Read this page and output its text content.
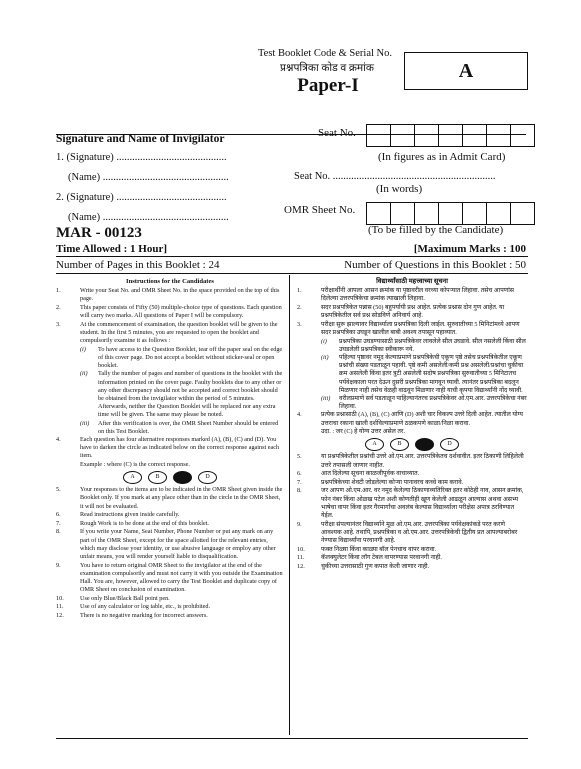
Test Booklet Code & Serial No.
प्रश्नपत्रिका कोड व क्रमांक
Paper-I
A
Signature and Name of Invigilator
1. (Signature) ..........................................
(Name) ................................................
2. (Signature) ..........................................
(Name) ................................................
Seat No.
(In figures as in Admit Card)
Seat No. ..............................................................
(In words)
OMR Sheet No.
(To be filled by the Candidate)
MAR - 00123
Time Allowed : 1 Hour]	[Maximum Marks : 100
Number of Pages in this Booklet : 24	Number of Questions in this Booklet : 50
Instructions for the Candidates
1.	Write your Seat No. and OMR Sheet No. in the space provided on the top of this page.
2.	This paper consists of Fifty (50) multiple-choice type of questions. Each question will carry two marks. All questions of Paper I will be compulsory.
3.	At the commencement of examination, the question booklet will be given to the student. In the first 5 minutes, you are requested to open the booklet and compulsorily examine it as follows :
(i)	To have access to the Question Booklet, tear off the paper seal on the edge of this cover page. Do not accept a booklet without sticker-seal or open booklet.
(ii)	Tally the number of pages and number of questions in the booklet with the information printed on the cover page. Faulty booklets due to any other or any other discrepancy should not be accepted and correct booklet should be obtained from the invigilator within the period of 5 minutes. Afterwards, neither the Question Booklet will be replaced nor any extra time will be given. The same may please be noted.
(iii)	After this verification is over, the OMR Sheet Number should be entered on this Test Booklet.
4.	Each question has four alternative responses marked (A), (B), (C) and (D). You have to darken the circle as indicated below on the correct response against each item.
Example : where (C) is the correct response.
A	B	D
5.	Your responses to the items are to be indicated in the OMR Sheet given inside the Booklet only. If you mark at any place other than in the circle in the OMR Sheet, it will not be evaluated.
6.	Read instructions given inside carefully.
7.	Rough Work is to be done at the end of this booklet.
8.	If you write your Name, Seat Number, Phone Number or put any mark on any part of the OMR Sheet, except for the space allotted for the relevant entries, which may disclose your identity, or use abusive language or employ any other unfair means, you will render yourself liable to disqualification.
9.	You have to return original OMR Sheet to the invigilator at the end of the examination compulsorily and must not carry it with you outside the Examination Hall. You are, however, allowed to carry the Test Booklet and duplicate copy of OMR Sheet on conclusion of examination.
10.	Use only Blue/Black Ball point pen.
11.	Use of any calculator or log table, etc., is prohibited.
12.	There is no negative marking for incorrect answers.
विद्यार्थ्यांसाठी महत्त्वाच्या सूचना
1.	परीक्षार्थींनी आपला आसन क्रमांक या पृष्ठावरील वरच्या कोपऱ्यात लिहावा. तसेच आपणांस दिलेल्या उत्तरपत्रिकेचा क्रमांक त्याखाली लिहावा.
2.	सदर प्रश्नपत्रिकेत पन्नास (50) बहुपर्यायी प्रश्न आहेत. प्रत्येक प्रश्नास दोन गुण आहेत. या प्रश्नपत्रिकेतील सर्व प्रश्न सोडविणे अनिवार्य आहे.
3.	परीक्षा सुरू झाल्यावर विद्यार्थ्याला प्रश्नपत्रिका दिली जाईल. सुरुवातीच्या 5 मिनिटांमध्ये आपण सदर प्रश्नपत्रिका उघडून खालील बाबी अवश्य तपासून पहाव्यात.
(i)	प्रश्नपत्रिका उघडण्यासाठी प्रश्नपत्रिकेवर लावलेले सील उघडावे. सील नसलेली किंवा सील उघडलेली प्रश्नपत्रिका स्वीकारू नये.
(ii)	पहिल्या पृष्ठावर नमूद केल्याप्रमाणे प्रश्नपत्रिकेची एकूण पृष्ठे तसेच प्रश्नपत्रिकेतील एकूण प्रश्नांची संख्या पडताळून पहावी. पृष्ठे कमी असलेली/कमी प्रश्न असलेली/प्रश्नांचा चुकीचा क्रम असलेली किंवा इतर त्रुटी असलेली सदोष प्रश्नपत्रिका सुरुवातीच्या 5 मिनिटातच पर्यवेक्षकाला परत देऊन दुसरी प्रश्नपत्रिका मागवून घ्यावी. त्यानंतर प्रश्नपत्रिका बदलून मिळणार नाही तसेच वेळही वाढवून मिळणार नाही याची कृपया विद्यार्थ्यांनी नोंद घ्यावी.
(iii)	वरीलप्रमाणे सर्व पडताळून पाहिल्यानंतरच प्रश्नपत्रिकेवर ओ.एम.आर. उत्तरपत्रिकेचा नंबर लिहावा.
4.	प्रत्येक प्रश्नासाठी (A), (B), (C) आणि (D) अशी चार विकल्प उत्तरे दिली आहेत. त्यातील योग्य उत्तराचा रकाना खाली दर्शविल्याप्रमाणे ठळकपणे काळा/निळा करावा.
उदा. : जर (C) हे योग्य उत्तर असेल तर.
A	B	D
5.	या प्रश्नपत्रिकेतील प्रश्नांची उत्तरे ओ.एम.आर. उत्तरपत्रिकेतच दर्शवावीत. इतर ठिकाणी लिहिलेली उत्तरे तपासली जाणार नाहीत.
6.	आत दिलेल्या सूचना काळजीपूर्वक वाचाव्यात.
7.	प्रश्नपत्रिकेच्या शेवटी जोडलेल्या कोऱ्या पानावरच कच्चे काम करावे.
8.	जर आपण ओ.एम.आर. वर नमूद केलेल्या ठिकाणाव्यतिरिक्त इतर कोठेही नाव, आसन क्रमांक, फोन नंबर किंवा ओळख पटेल अशी कोणतीही खूण केलेली आढळून आल्यास अथवा असभ्य भाषेचा वापर किंवा इतर गैरमार्गांचा अवलंब केल्यास विद्यार्थ्याला परीक्षेस अपात्र ठरविण्यात येईल.
9.	परीक्षा संपल्यानंतर विद्यार्थ्याने मूळ ओ.एम.आर. उत्तरपत्रिका पर्यवेक्षकांकडे परत करणे आवश्यक आहे. तथापि, प्रश्नपत्रिका व ओ.एम.आर. उत्तरपत्रिकेची द्वितीय प्रत आपल्याबरोबर नेण्यास विद्यार्थ्यांना परवानगी आहे.
10.	फक्त निळ्या किंवा काळ्या बॉल पेनचाच वापर करावा.
11.	कॅलक्युलेटर किंवा लॉग टेबल वापरण्यास परवानगी नाही.
12.	चुकीच्या उत्तरासाठी गुण कपात केली जाणार नाही.
